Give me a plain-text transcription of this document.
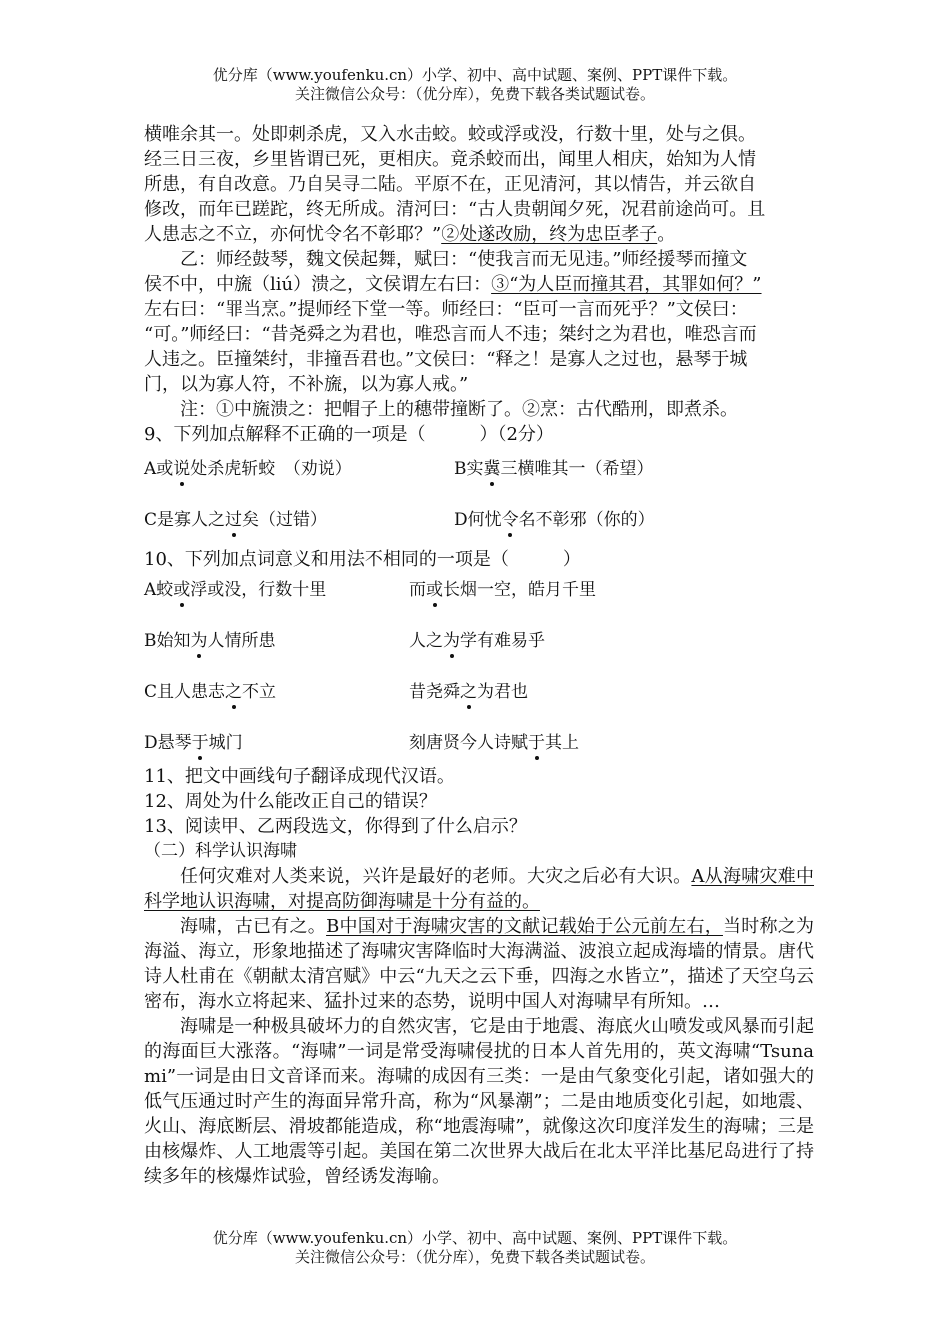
优分库（www.youfenku.cn）小学、初中、高中试题、案例、PPT课件下载。
关注微信公众号：（优分库），免费下载各类试题试卷。

横唯余其一。处即刺杀虎，又入水击蛟。蛟或浮或没，行数十里，处与之俱。

经三日三夜，乡里皆谓已死，更相庆。竟杀蛟而出，闻里人相庆，始知为人情

所患，有自改意。乃自吴寻二陆。平原不在，正见清河，其以情告，并云欲自

修改，而年已蹉跎，终无所成。清河曰：“古人贵朝闻夕死，况君前途尚可。且

人患志之不立，亦何忧令名不彰耶？”②处遂改励，终为忠臣孝子。

乙：师经鼓琴，魏文侯起舞，赋曰：“使我言而无见违。”师经援琴而撞文

侯不中，中旒（liú）溃之，文侯谓左右曰：③“为人臣而撞其君，其罪如何？”

左右曰：“罪当烹。”提师经下堂一等。师经曰：“臣可一言而死乎？”文侯曰：

“可。”师经曰：“昔尧舜之为君也，唯恐言而人不违；桀纣之为君也，唯恐言而

人违之。臣撞桀纣，非撞吾君也。”文侯曰：“释之！是寡人之过也，悬琴于城

门，以为寡人符，不补旒，以为寡人戒。”

注：①中旒溃之：把帽子上的穗带撞断了。②烹：古代酷刑，即煮杀。

9、下列加点解释不正确的一项是（　　　）（2分）

A或说处杀虎斩蛟　（劝说）	B实冀三横唯其一（希望）
C是寡人之过矣（过错）	D何忧令名不彰邪（你的）

10、下列加点词意义和用法不相同的一项是（　　　）

A蛟或浮或没，行数十里	而或长烟一空，皓月千里
B始知为人情所患	人之为学有难易乎
C且人患志之不立	昔尧舜之为君也
D悬琴于城门	刻唐贤今人诗赋于其上

11、把文中画线句子翻译成现代汉语。

12、周处为什么能改正自己的错误？

13、阅读甲、乙两段选文，你得到了什么启示？

（二）科学认识海啸

任何灾难对人类来说，兴许是最好的老师。大灾之后必有大识。A从海啸灾难中科学地认识海啸，对提高防御海啸是十分有益的。

海啸，古已有之。B中国对于海啸灾害的文献记载始于公元前左右，当时称之为海溢、海立，形象地描述了海啸灾害降临时大海满溢、波浪立起成海墙的情景。唐代诗人杜甫在《朝献太清宫赋》中云“九天之云下垂，四海之水皆立”，描述了天空乌云密布，海水立将起来、猛扑过来的态势，说明中国人对海啸早有所知。…

海啸是一种极具破坏力的自然灾害，它是由于地震、海底火山喷发或风暴而引起的海面巨大涨落。“海啸”一词是常受海啸侵扰的日本人首先用的，英文海啸“Tsunami”一词是由日文音译而来。海啸的成因有三类：一是由气象变化引起，诸如强大的低气压通过时产生的海面异常升高，称为“风暴潮”；二是由地质变化引起，如地震、火山、海底断层、滑坡都能造成，称“地震海啸”，就像这次印度洋发生的海啸；三是由核爆炸、人工地震等引起。美国在第二次世界大战后在北太平洋比基尼岛进行了持续多年的核爆炸试验，曾经诱发海喻。

优分库（www.youfenku.cn）小学、初中、高中试题、案例、PPT课件下载。
关注微信公众号：（优分库），免费下载各类试题试卷。
